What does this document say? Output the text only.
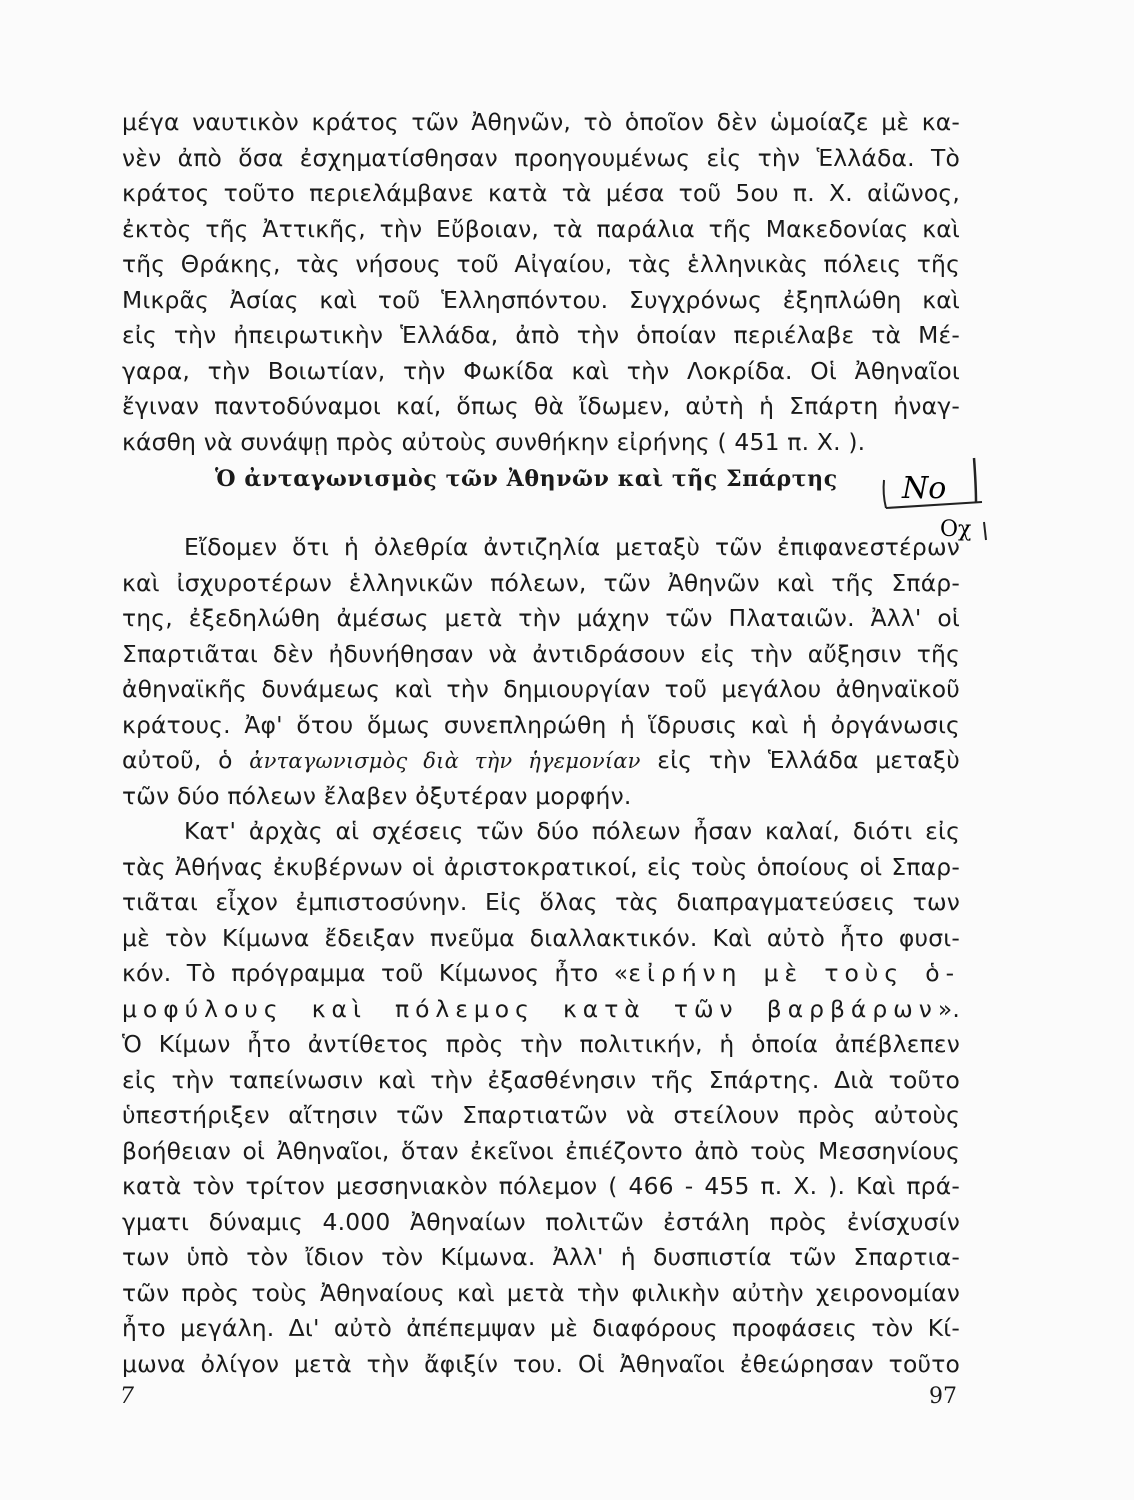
μέγα ναυτικὸν κράτος τῶν Ἀθηνῶν, τὸ ὁποῖον δὲν ὡμοίαζε μὲ κα-
νὲν ἀπὸ ὅσα ἐσχηματίσθησαν προηγουμένως εἰς τὴν Ἑλλάδα. Τὸ
κράτος τοῦτο περιελάμβανε κατὰ τὰ μέσα τοῦ 5ου π. Χ. αἰῶνος,
ἐκτὸς τῆς Ἀττικῆς, τὴν Εὔβοιαν, τὰ παράλια τῆς Μακεδονίας καὶ
τῆς Θράκης, τὰς νήσους τοῦ Αἰγαίου, τὰς ἑλληνικὰς πόλεις τῆς
Μικρᾶς Ἀσίας καὶ τοῦ Ἑλλησπόντου. Συγχρόνως ἐξηπλώθη καὶ
εἰς τὴν ἠπειρωτικὴν Ἑλλάδα, ἀπὸ τὴν ὁποίαν περιέλαβε τὰ Μέ-
γαρα, τὴν Βοιωτίαν, τὴν Φωκίδα καὶ τὴν Λοκρίδα. Οἱ Ἀθηναῖοι
ἔγιναν παντοδύναμοι καί, ὅπως θὰ ἴδωμεν, αὐτὴ ἡ Σπάρτη ἠναγ-
κάσθη νὰ συνάψῃ πρὸς αὐτοὺς συνθήκην εἰρήνης ( 451 π. Χ. ).
Ὁ ἀνταγωνισμὸς τῶν Ἀθηνῶν καὶ τῆς Σπάρτης Νο
Οχ
Εἴδομεν ὅτι ἡ ὀλεθρία ἀντιζηλία μεταξὺ τῶν ἐπιφανεστέρων
καὶ ἰσχυροτέρων ἑλληνικῶν πόλεων, τῶν Ἀθηνῶν καὶ τῆς Σπάρ-
της, ἐξεδηλώθη ἀμέσως μετὰ τὴν μάχην τῶν Πλαταιῶν. Ἀλλ' οἱ
Σπαρτιᾶται δὲν ἠδυνήθησαν νὰ ἀντιδράσουν εἰς τὴν αὔξησιν τῆς
ἀθηναϊκῆς δυνάμεως καὶ τὴν δημιουργίαν τοῦ μεγάλου ἀθηναϊκοῦ
κράτους. Ἀφ' ὅτου ὅμως συνεπληρώθη ἡ ἵδρυσις καὶ ἡ ὀργάνωσις
αὐτοῦ, ὁ ἀνταγωνισμὸς διὰ τὴν ἡγεμονίαν εἰς τὴν Ἑλλάδα μεταξὺ
τῶν δύο πόλεων ἔλαβεν ὀξυτέραν μορφήν.
Κατ' ἀρχὰς αἱ σχέσεις τῶν δύο πόλεων ἦσαν καλαί, διότι εἰς
τὰς Ἀθήνας ἐκυβέρνων οἱ ἀριστοκρατικοί, εἰς τοὺς ὁποίους οἱ Σπαρ-
τιᾶται εἶχον ἐμπιστοσύνην. Εἰς ὅλας τὰς διαπραγματεύσεις των
μὲ τὸν Κίμωνα ἔδειξαν πνεῦμα διαλλακτικόν. Καὶ αὐτὸ ἦτο φυσι-
κόν. Τὸ πρόγραμμα τοῦ Κίμωνος ἦτο «εἰρήνη μὲ τοὺς ὁ-
μοφύλους καὶ πόλεμος κατὰ τῶν βαρβάρων».
Ὁ Κίμων ἦτο ἀντίθετος πρὸς τὴν πολιτικήν, ἡ ὁποία ἀπέβλεπεν
εἰς τὴν ταπείνωσιν καὶ τὴν ἐξασθένησιν τῆς Σπάρτης. Διὰ τοῦτο
ὑπεστήριξεν αἴτησιν τῶν Σπαρτιατῶν νὰ στείλουν πρὸς αὐτοὺς
βοήθειαν οἱ Ἀθηναῖοι, ὅταν ἐκεῖνοι ἐπιέζοντο ἀπὸ τοὺς Μεσσηνίους
κατὰ τὸν τρίτον μεσσηνιακὸν πόλεμον ( 466 - 455 π. Χ. ). Καὶ πρά-
γματι δύναμις 4.000 Ἀθηναίων πολιτῶν ἐστάλη πρὸς ἐνίσχυσίν
των ὑπὸ τὸν ἴδιον τὸν Κίμωνα. Ἀλλ' ἡ δυσπιστία τῶν Σπαρτια-
τῶν πρὸς τοὺς Ἀθηναίους καὶ μετὰ τὴν φιλικὴν αὐτὴν χειρονομίαν
ἦτο μεγάλη. Δι' αὐτὸ ἀπέπεμψαν μὲ διαφόρους προφάσεις τὸν Κί-
μωνα ὀλίγον μετὰ τὴν ἄφιξίν του. Οἱ Ἀθηναῖοι ἐθεώρησαν τοῦτο
7	97
